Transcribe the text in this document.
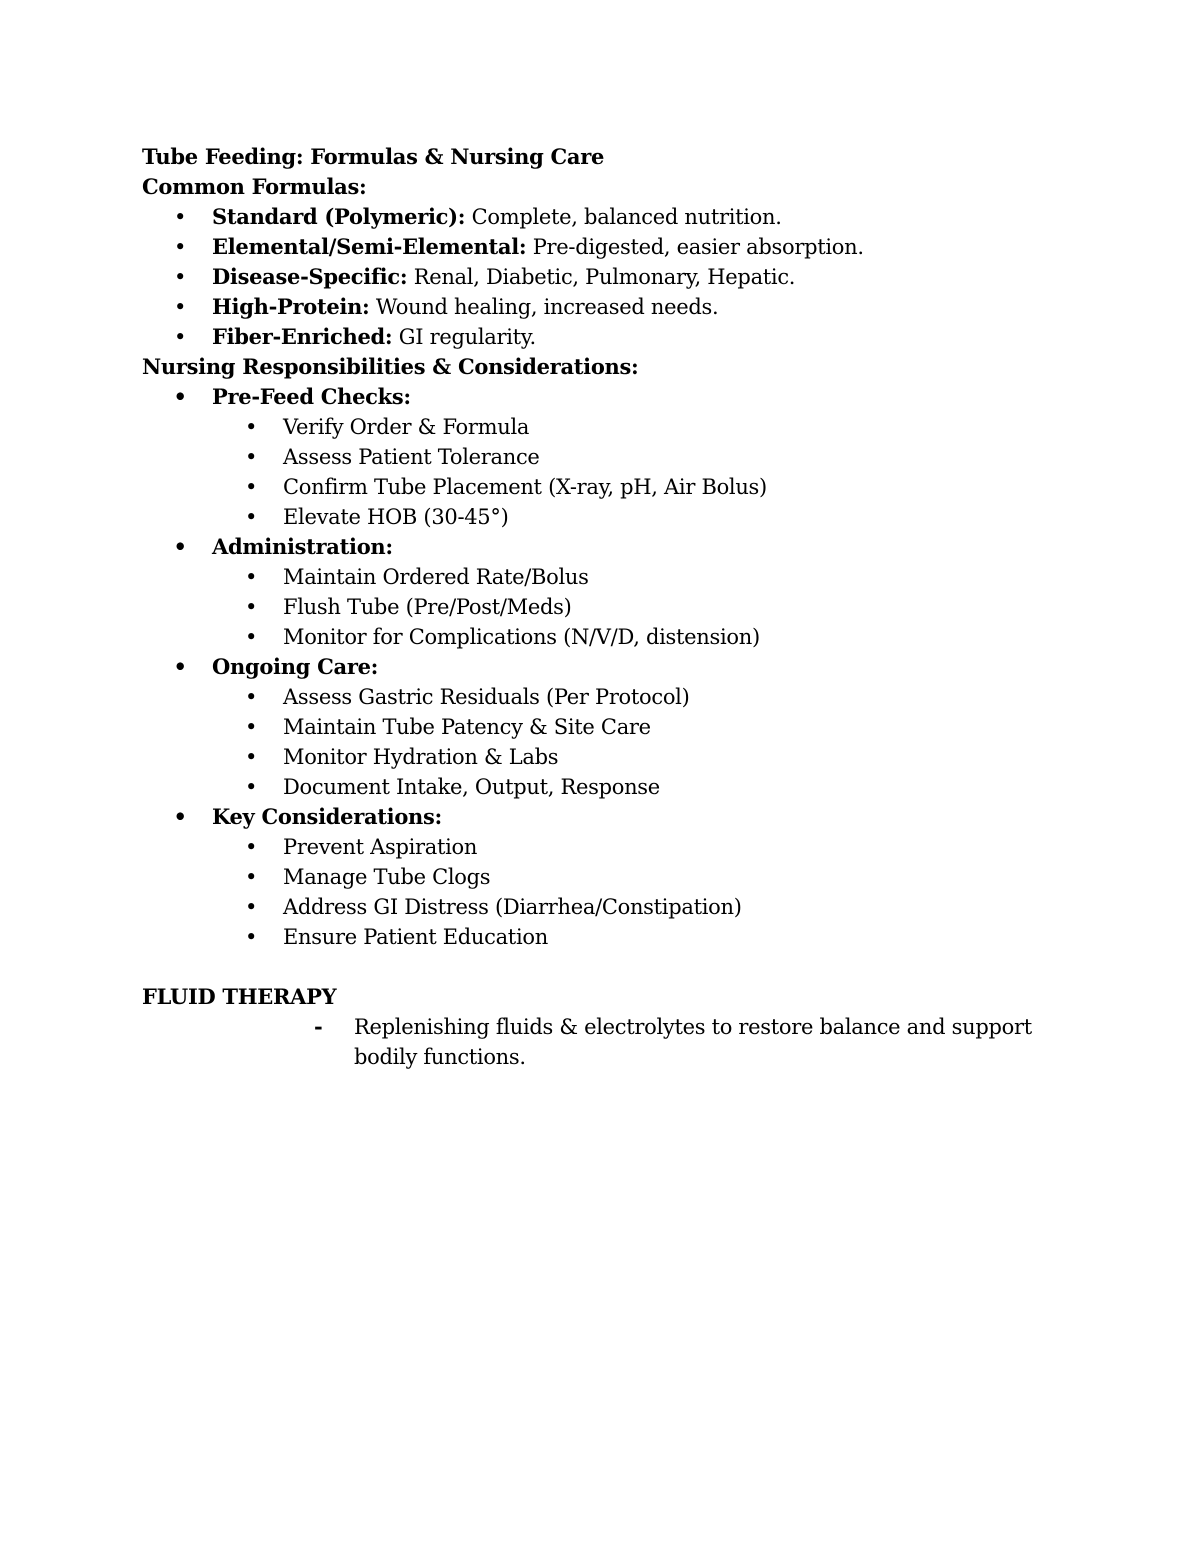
Tube Feeding: Formulas & Nursing Care
Common Formulas:
• Standard (Polymeric): Complete, balanced nutrition.
• Elemental/Semi-Elemental: Pre-digested, easier absorption.
• Disease-Specific: Renal, Diabetic, Pulmonary, Hepatic.
• High-Protein: Wound healing, increased needs.
• Fiber-Enriched: GI regularity.
Nursing Responsibilities & Considerations:
• Pre-Feed Checks:
• Verify Order & Formula
• Assess Patient Tolerance
• Confirm Tube Placement (X-ray, pH, Air Bolus)
• Elevate HOB (30-45°)
• Administration:
• Maintain Ordered Rate/Bolus
• Flush Tube (Pre/Post/Meds)
• Monitor for Complications (N/V/D, distension)
• Ongoing Care:
• Assess Gastric Residuals (Per Protocol)
• Maintain Tube Patency & Site Care
• Monitor Hydration & Labs
• Document Intake, Output, Response
• Key Considerations:
• Prevent Aspiration
• Manage Tube Clogs
• Address GI Distress (Diarrhea/Constipation)
• Ensure Patient Education
FLUID THERAPY
- Replenishing fluids & electrolytes to restore balance and support bodily functions.
